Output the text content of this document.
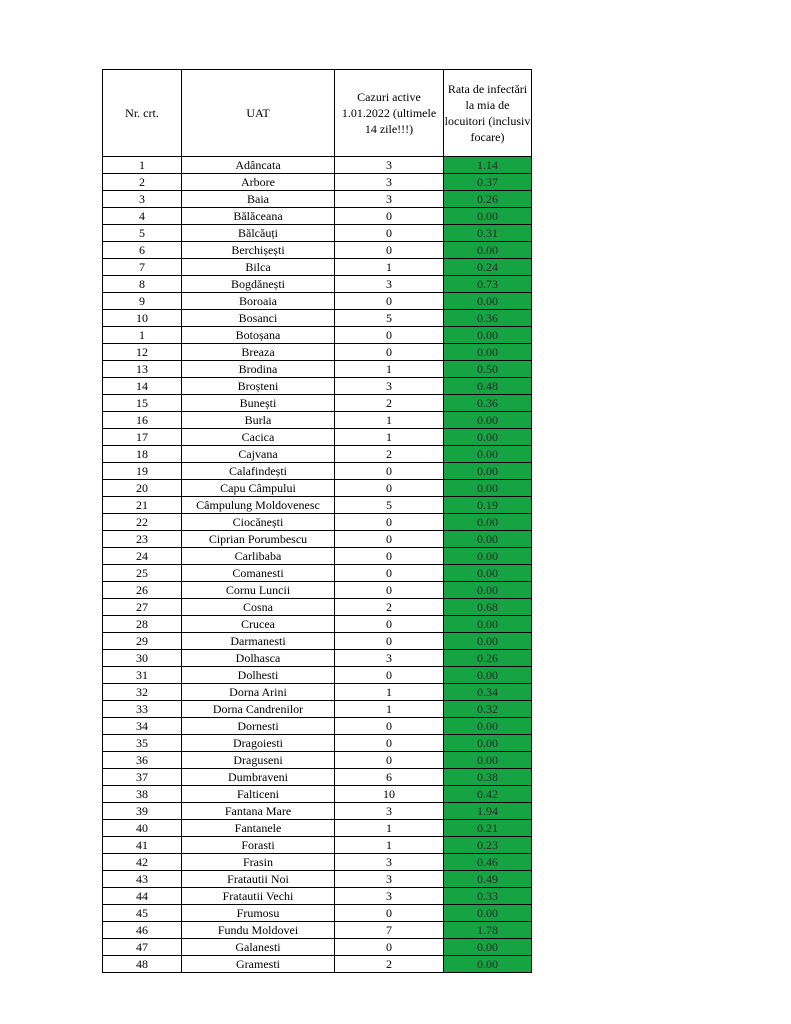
Nr. crt.	UAT	Cazuri active 1.01.2022 (ultimele 14 zile!!!)	Rata de infectări la mia de locuitori (inclusiv focare)
1	Adâncata	3	1.14
2	Arbore	3	0.37
3	Baia	3	0.26
4	Bălăceana	0	0.00
5	Bălcăuți	0	0.31
6	Berchișești	0	0.00
7	Bilca	1	0.24
8	Bogdănești	3	0.73
9	Boroaia	0	0.00
10	Bosanci	5	0.36
1	Botoșana	0	0.00
12	Breaza	0	0.00
13	Brodina	1	0.50
14	Broșteni	3	0.48
15	Bunești	2	0.36
16	Burla	1	0.00
17	Cacica	1	0.00
18	Cajvana	2	0.00
19	Calafindești	0	0.00
20	Capu Câmpului	0	0.00
21	Câmpulung Moldovenesc	5	0.19
22	Ciocănești	0	0.00
23	Ciprian Porumbescu	0	0.00
24	Carlibaba	0	0.00
25	Comanesti	0	0.00
26	Cornu Luncii	0	0.00
27	Cosna	2	0.68
28	Crucea	0	0.00
29	Darmanesti	0	0.00
30	Dolhasca	3	0.26
31	Dolhesti	0	0.00
32	Dorna Arini	1	0.34
33	Dorna Candrenilor	1	0.32
34	Dornesti	0	0.00
35	Dragoiesti	0	0.00
36	Draguseni	0	0.00
37	Dumbraveni	6	0.38
38	Falticeni	10	0.42
39	Fantana Mare	3	1.94
40	Fantanele	1	0.21
41	Forasti	1	0.23
42	Frasin	3	0.46
43	Fratautii Noi	3	0.49
44	Fratautii Vechi	3	0.33
45	Frumosu	0	0.00
46	Fundu Moldovei	7	1.78
47	Galanesti	0	0.00
48	Gramesti	2	0.00
